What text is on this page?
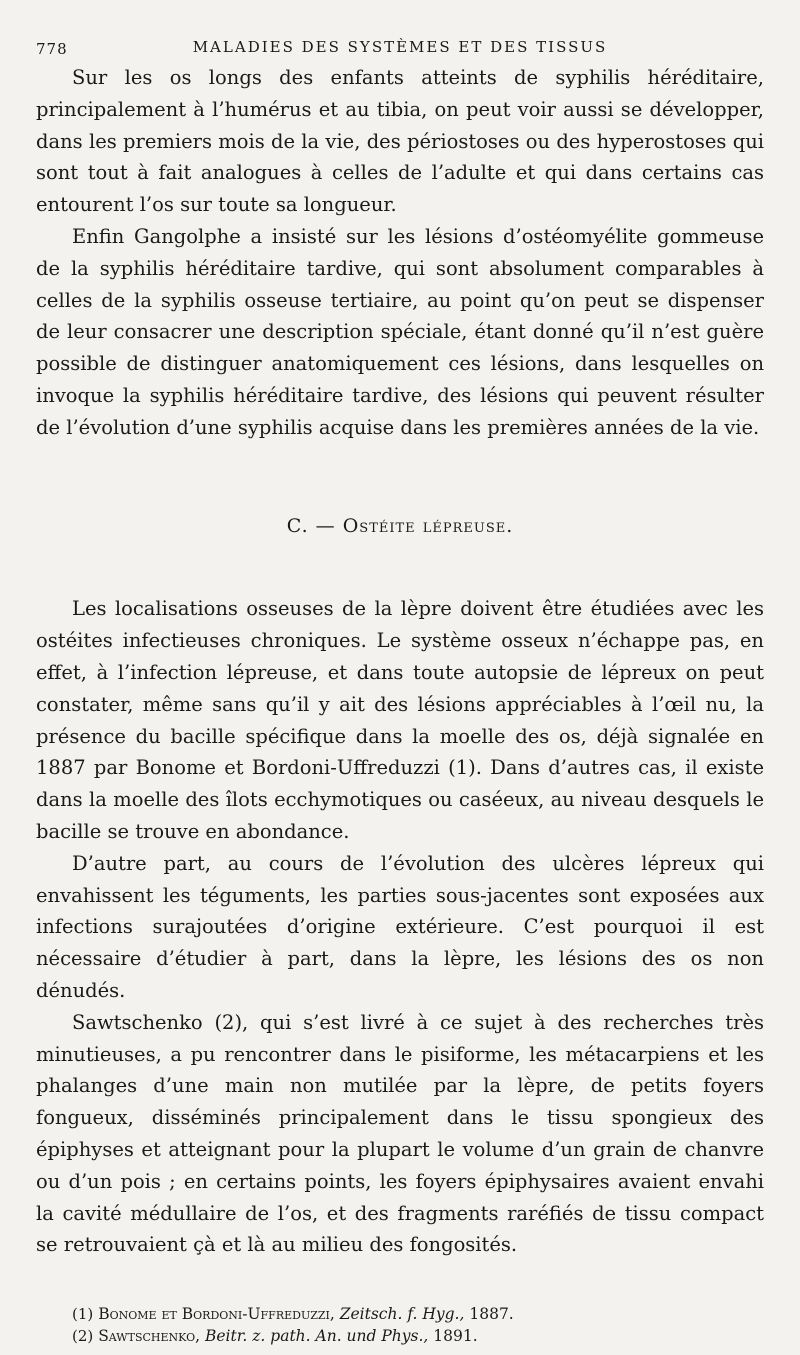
778	MALADIES DES SYSTÈMES ET DES TISSUS

Sur les os longs des enfants atteints de syphilis héréditaire, principalement à l’humérus et au tibia, on peut voir aussi se développer, dans les premiers mois de la vie, des périostoses ou des hyperostoses qui sont tout à fait analogues à celles de l’adulte et qui dans certains cas entourent l’os sur toute sa longueur.

Enfin Gangolphe a insisté sur les lésions d’ostéomyélite gommeuse de la syphilis héréditaire tardive, qui sont absolument comparables à celles de la syphilis osseuse tertiaire, au point qu’on peut se dispenser de leur consacrer une description spéciale, étant donné qu’il n’est guère possible de distinguer anatomiquement ces lésions, dans lesquelles on invoque la syphilis héréditaire tardive, des lésions qui peuvent résulter de l’évolution d’une syphilis acquise dans les premières années de la vie.

C. — Ostéite lépreuse.

Les localisations osseuses de la lèpre doivent être étudiées avec les ostéites infectieuses chroniques. Le système osseux n’échappe pas, en effet, à l’infection lépreuse, et dans toute autopsie de lépreux on peut constater, même sans qu’il y ait des lésions appréciables à l’œil nu, la présence du bacille spécifique dans la moelle des os, déjà signalée en 1887 par Bonome et Bordoni-Uffreduzzi (1). Dans d’autres cas, il existe dans la moelle des îlots ecchymotiques ou caséeux, au niveau desquels le bacille se trouve en abondance.

D’autre part, au cours de l’évolution des ulcères lépreux qui envahissent les téguments, les parties sous-jacentes sont exposées aux infections surajoutées d’origine extérieure. C’est pourquoi il est nécessaire d’étudier à part, dans la lèpre, les lésions des os non dénudés.

Sawtschenko (2), qui s’est livré à ce sujet à des recherches très minutieuses, a pu rencontrer dans le pisiforme, les métacarpiens et les phalanges d’une main non mutilée par la lèpre, de petits foyers fongueux, disséminés principalement dans le tissu spongieux des épiphyses et atteignant pour la plupart le volume d’un grain de chanvre ou d’un pois ; en certains points, les foyers épiphysaires avaient envahi la cavité médullaire de l’os, et des fragments raréfiés de tissu compact se retrouvaient çà et là au milieu des fongosités.

(1) Bonome et Bordoni-Uffreduzzi, Zeitsch. f. Hyg., 1887.
(2) Sawtschenko, Beitr. z. path. An. und Phys., 1891.
